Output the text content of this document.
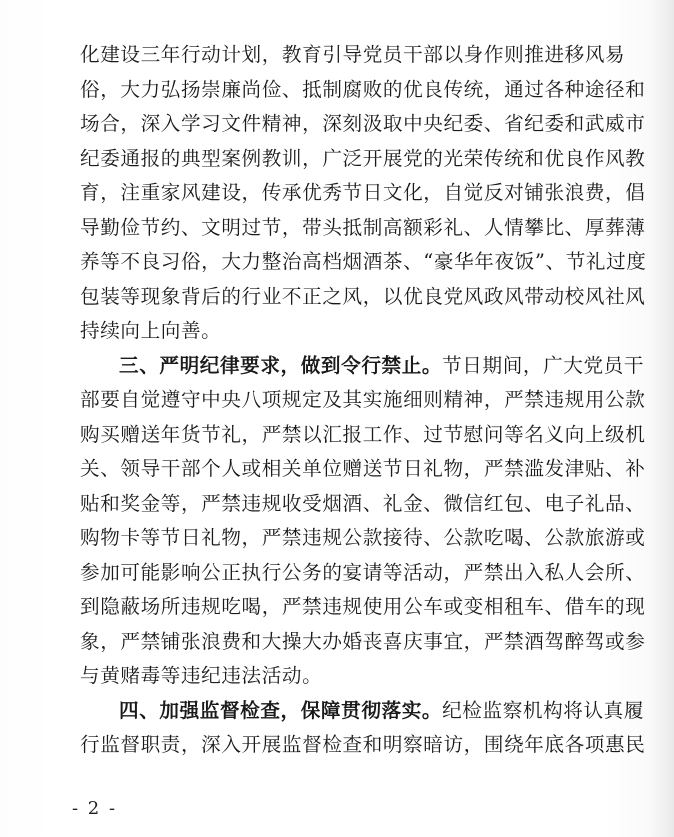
化建设三年行动计划，教育引导党员干部以身作则推进移风易
俗，大力弘扬崇廉尚俭、抵制腐败的优良传统，通过各种途径和
场合，深入学习文件精神，深刻汲取中央纪委、省纪委和武威市
纪委通报的典型案例教训，广泛开展党的光荣传统和优良作风教
育，注重家风建设，传承优秀节日文化，自觉反对铺张浪费，倡
导勤俭节约、文明过节，带头抵制高额彩礼、人情攀比、厚葬薄
养等不良习俗，大力整治高档烟酒茶、“豪华年夜饭”、节礼过度
包装等现象背后的行业不正之风，以优良党风政风带动校风社风
持续向上向善。
三、严明纪律要求，做到令行禁止。节日期间，广大党员干
部要自觉遵守中央八项规定及其实施细则精神，严禁违规用公款
购买赠送年货节礼，严禁以汇报工作、过节慰问等名义向上级机
关、领导干部个人或相关单位赠送节日礼物，严禁滥发津贴、补
贴和奖金等，严禁违规收受烟酒、礼金、微信红包、电子礼品、
购物卡等节日礼物，严禁违规公款接待、公款吃喝、公款旅游或
参加可能影响公正执行公务的宴请等活动，严禁出入私人会所、
到隐蔽场所违规吃喝，严禁违规使用公车或变相租车、借车的现
象，严禁铺张浪费和大操大办婚丧喜庆事宜，严禁酒驾醉驾或参
与黄赌毒等违纪违法活动。
四、加强监督检查，保障贯彻落实。纪检监察机构将认真履
行监督职责，深入开展监督检查和明察暗访，围绕年底各项惠民
- 2 -
